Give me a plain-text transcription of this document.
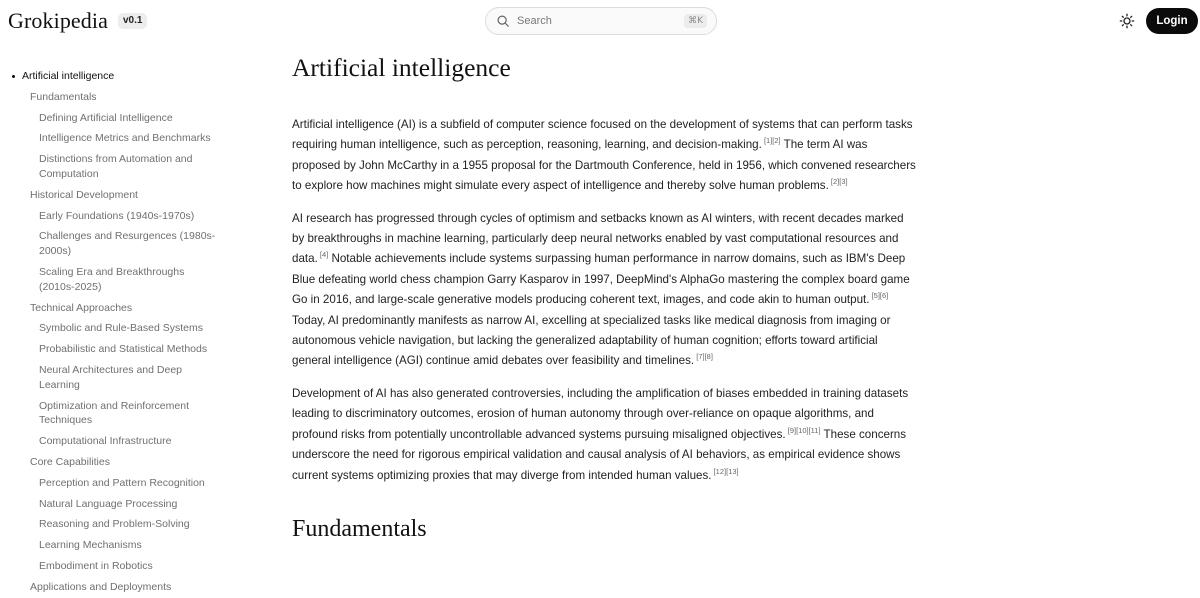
Grokipedia	v0.1
Search	⌘K	Login
Artificial intelligence
Fundamentals
Defining Artificial Intelligence
Intelligence Metrics and Benchmarks
Distinctions from Automation and Computation
Historical Development
Early Foundations (1940s-1970s)
Challenges and Resurgences (1980s-2000s)
Scaling Era and Breakthroughs (2010s-2025)
Technical Approaches
Symbolic and Rule-Based Systems
Probabilistic and Statistical Methods
Neural Architectures and Deep Learning
Optimization and Reinforcement Techniques
Computational Infrastructure
Core Capabilities
Perception and Pattern Recognition
Natural Language Processing
Reasoning and Problem-Solving
Learning Mechanisms
Embodiment in Robotics
Applications and Deployments
Artificial intelligence

Artificial intelligence (AI) is a subfield of computer science focused on the development of systems that can perform tasks requiring human intelligence, such as perception, reasoning, learning, and decision-making. [1][2] The term AI was proposed by John McCarthy in a 1955 proposal for the Dartmouth Conference, held in 1956, which convened researchers to explore how machines might simulate every aspect of intelligence and thereby solve human problems. [2][3]

AI research has progressed through cycles of optimism and setbacks known as AI winters, with recent decades marked by breakthroughs in machine learning, particularly deep neural networks enabled by vast computational resources and data. [4] Notable achievements include systems surpassing human performance in narrow domains, such as IBM's Deep Blue defeating world chess champion Garry Kasparov in 1997, DeepMind's AlphaGo mastering the complex board game Go in 2016, and large-scale generative models producing coherent text, images, and code akin to human output. [5][6] Today, AI predominantly manifests as narrow AI, excelling at specialized tasks like medical diagnosis from imaging or autonomous vehicle navigation, but lacking the generalized adaptability of human cognition; efforts toward artificial general intelligence (AGI) continue amid debates over feasibility and timelines. [7][8]

Development of AI has also generated controversies, including the amplification of biases embedded in training datasets leading to discriminatory outcomes, erosion of human autonomy through over-reliance on opaque algorithms, and profound risks from potentially uncontrollable advanced systems pursuing misaligned objectives. [9][10][11] These concerns underscore the need for rigorous empirical validation and causal analysis of AI behaviors, as empirical evidence shows current systems optimizing proxies that may diverge from intended human values. [12][13]

Fundamentals
